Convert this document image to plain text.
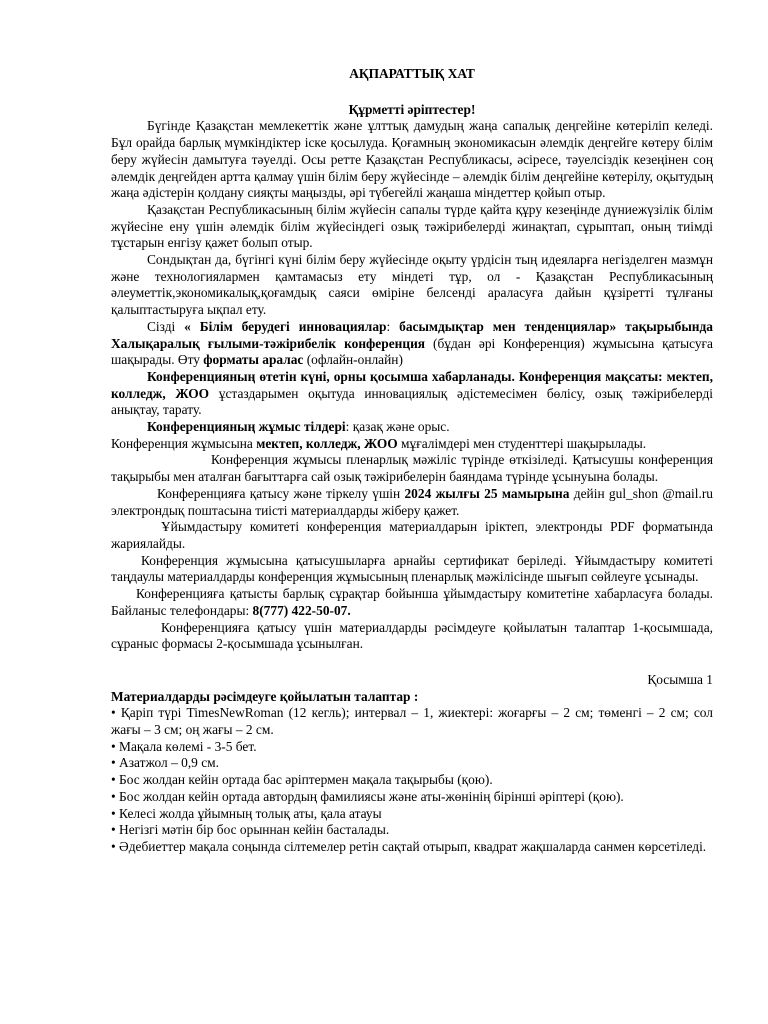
АҚПАРАТТЫҚ ХАТ
Құрметті әріптестер!

Бүгінде Қазақстан мемлекеттік және ұлттық дамудың жаңа сапалық деңгейіне көтеріліп келеді. Бұл орайда барлық мүмкіндіктер іске қосылуда. Қоғамның экономикасын әлемдік деңгейге көтеру білім беру жүйесін дамытуға тәуелді. Осы ретте Қазақстан Республикасы, әсіресе, тәуелсіздік кезеңінен соң әлемдік деңгейден артта қалмау үшін білім беру жүйесінде – әлемдік білім деңгейіне көтерілу, оқытудың жаңа әдістерін қолдану сияқты маңызды, әрі түбегейлі жаңаша міндеттер қойып отыр.

Қазақстан Республикасының білім жүйесін сапалы түрде қайта құру кезеңінде дүниежүзілік білім жүйесіне ену үшін әлемдік білім жүйесіндегі озық тәжірибелерді жинақтап, сұрыптап, оның тиімді тұстарын енгізу қажет болып отыр.

Сондықтан да, бүгінгі күні білім беру жүйесінде оқыту үрдісін тың идеяларға негізделген мазмұн және технологиялармен қамтамасыз ету міндеті тұр, ол - Қазақстан Республикасының әлеуметтік,экономикалық,қоғамдық саяси өміріне белсенді араласуға дайын құзіретті тұлғаны қалыптастыруға ықпал ету.

Сізді « Білім берудегі инновациялар: басымдықтар мен тенденциялар» тақырыбында Халықаралық ғылыми-тәжірибелік конференция (бұдан әрі Конференция) жұмысына қатысуға шақырады. Өту форматы аралас (офлайн-онлайн)

Конференцияның өтетін күні, орны қосымша хабарланады. Конференция мақсаты: мектеп, колледж, ЖОО ұстаздарымен оқытуда инновациялық әдістемесімен бөлісу, озық тәжірибелерді анықтау, тарату.

Конференцияның жұмыс тілдері: қазақ және орыс.

Конференция жұмысына мектеп, колледж, ЖОО мұғалімдері мен студенттері шақырылады.

Конференция жұмысы пленарлық мәжіліс түрінде өткізіледі. Қатысушы конференция тақырыбы мен аталған бағыттарға сай озық тәжірибелерін баяндама түрінде ұсынуына болады.

Конференцияға қатысу және тіркелу үшін 2024 жылғы 25 мамырына дейін gul_shon @mail.ru электрондық поштасына тиісті материалдарды жіберу қажет.

Ұйымдастыру комитеті конференция материалдарын іріктеп, электронды PDF форматында жариялайды.

Конференция жұмысына қатысушыларға арнайы сертификат беріледі. Ұйымдастыру комитеті таңдаулы материалдарды конференция жұмысының пленарлық мәжілісінде шығып сөйлеуге ұсынады.

Конференцияға қатысты барлық сұрақтар бойынша ұйымдастыру комитетіне хабарласуға болады. Байланыс телефондары: 8(777) 422-50-07.

Конференцияға қатысу үшін материалдарды рәсімдеуге қойылатын талаптар 1-қосымшада, сұраныс формасы 2-қосымшада ұсынылған.

Қосымша 1
Материалдарды рәсімдеуге қойылатын талаптар :

• Қаріп түрі TimesNewRoman (12 кегль); интервал – 1, жиектері: жоғарғы – 2 см; төменгі – 2 см; сол жағы – 3 см; оң жағы – 2 см.

• Мақала көлемі - 3-5 бет.

• Азатжол – 0,9 см.

• Бос жолдан кейін ортада бас әріптермен мақала тақырыбы (қою).

• Бос жолдан кейін ортада автордың фамилиясы және аты-жөнінің бірінші әріптері (қою).

• Келесі жолда ұйымның толық аты, қала атауы

• Негізгі мәтін бір бос орыннан кейін басталады.

• Әдебиеттер мақала соңында сілтемелер ретін сақтай отырып, квадрат жақшаларда санмен көрсетіледі.
